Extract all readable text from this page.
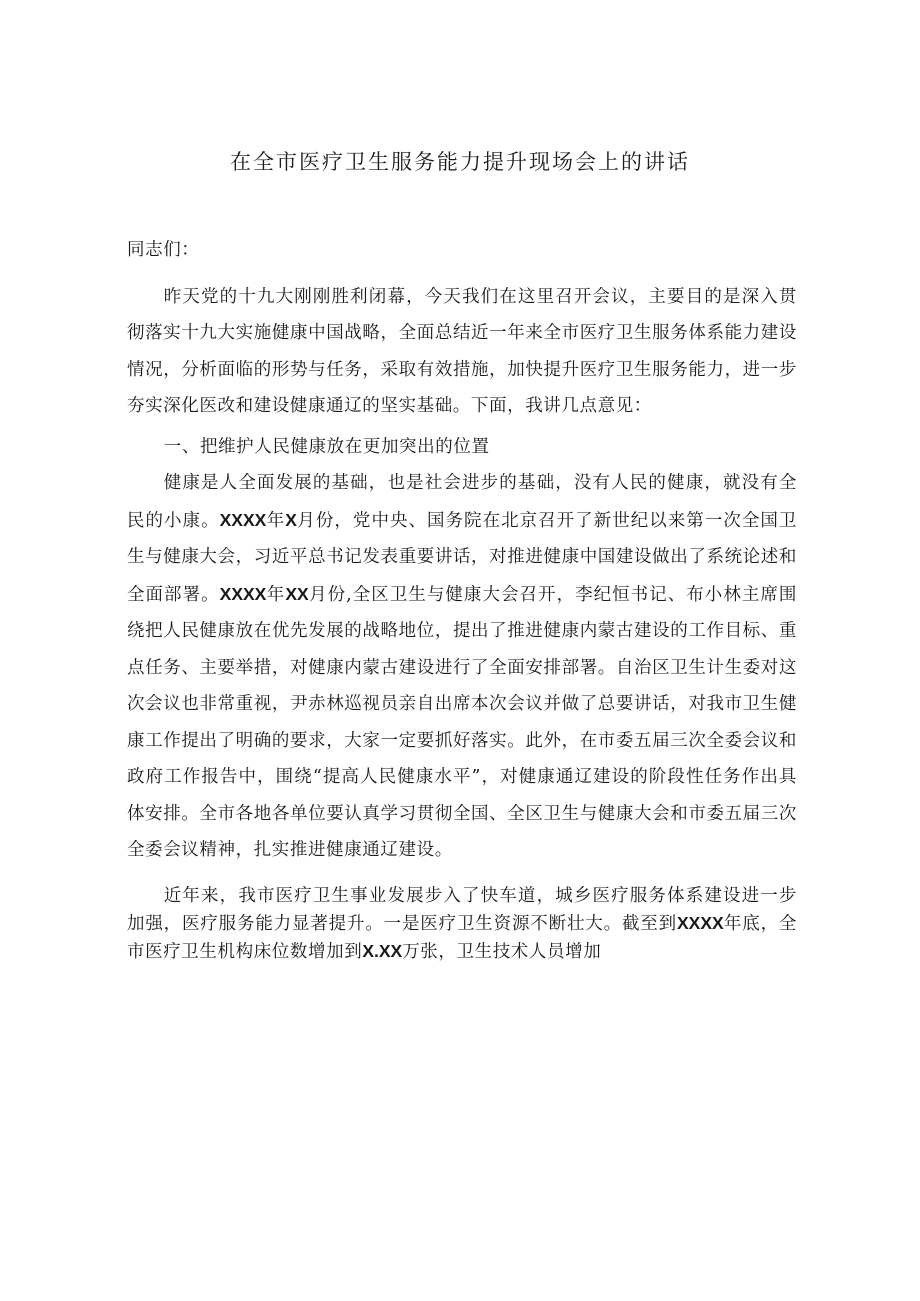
在全市医疗卫生服务能力提升现场会上的讲话

同志们：

昨天党的十九大刚刚胜利闭幕，今天我们在这里召开会议，主要目的是深入贯彻落实十九大实施健康中国战略，全面总结近一年来全市医疗卫生服务体系能力建设情况，分析面临的形势与任务，采取有效措施，加快提升医疗卫生服务能力，进一步夯实深化医改和建设健康通辽的坚实基础。下面，我讲几点意见：

一、把维护人民健康放在更加突出的位置

健康是人全面发展的基础，也是社会进步的基础，没有人民的健康，就没有全民的小康。XXXX年X月份，党中央、国务院在北京召开了新世纪以来第一次全国卫生与健康大会，习近平总书记发表重要讲话，对推进健康中国建设做出了系统论述和全面部署。XXXX年XX月份,全区卫生与健康大会召开，李纪恒书记、布小林主席围绕把人民健康放在优先发展的战略地位，提出了推进健康内蒙古建设的工作目标、重点任务、主要举措，对健康内蒙古建设进行了全面安排部署。自治区卫生计生委对这次会议也非常重视，尹赤林巡视员亲自出席本次会议并做了总要讲话，对我市卫生健康工作提出了明确的要求，大家一定要抓好落实。此外，在市委五届三次全委会议和政府工作报告中，围绕“提高人民健康水平”，对健康通辽建设的阶段性任务作出具体安排。全市各地各单位要认真学习贯彻全国、全区卫生与健康大会和市委五届三次全委会议精神，扎实推进健康通辽建设。

近年来，我市医疗卫生事业发展步入了快车道，城乡医疗服务体系建设进一步加强，医疗服务能力显著提升。一是医疗卫生资源不断壮大。截至到XXXX年底，全市医疗卫生机构床位数增加到X.XX万张，卫生技术人员增加
